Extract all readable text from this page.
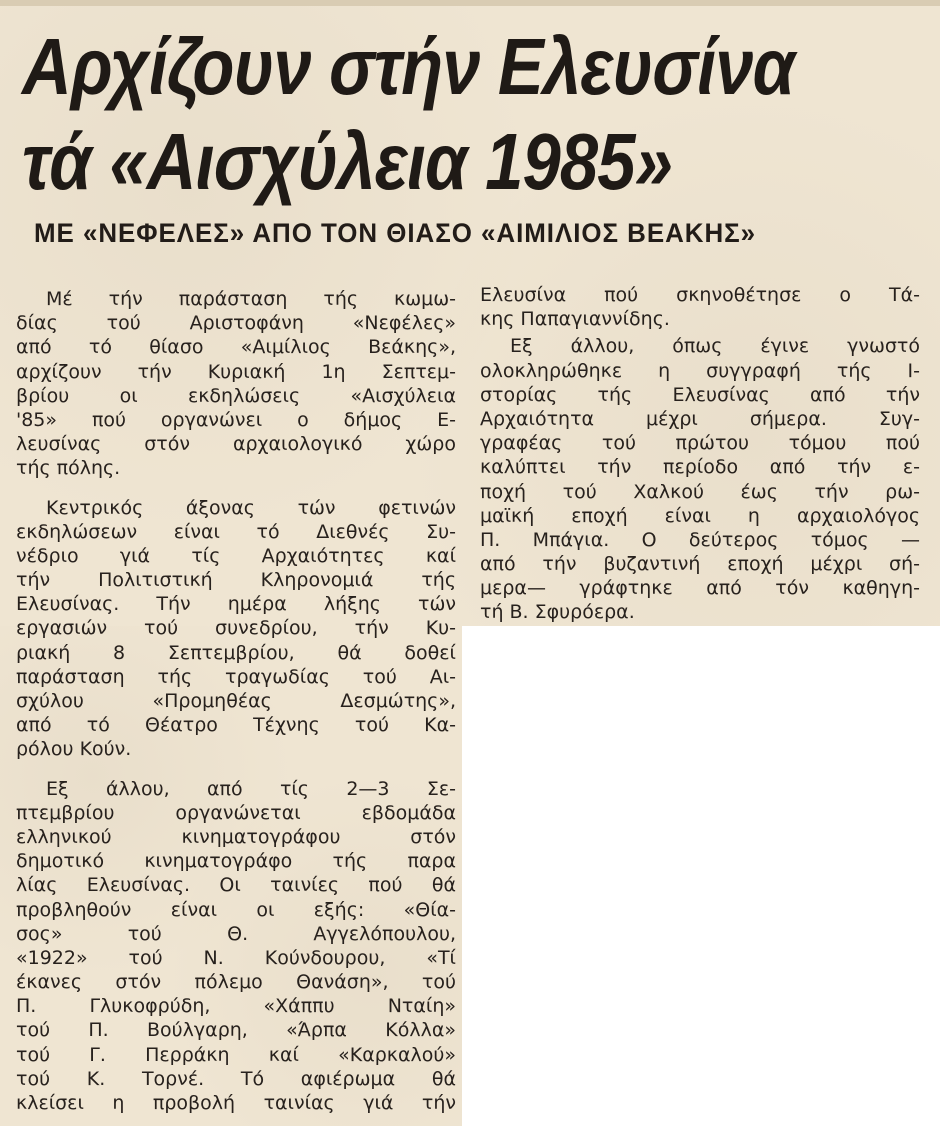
Αρχίζουν στήν Ελευσίνα
τά «Αισχύλεια 1985»
ΜΕ «ΝΕΦΕΛΕΣ» ΑΠΟ ΤΟΝ ΘΙΑΣΟ «ΑΙΜΙΛΙΟΣ ΒΕΑΚΗΣ»
Μέ τήν παράσταση τής κωμω-
δίας τού Αριστοφάνη «Νεφέλες»
από τό θίασο «Αιμίλιος Βεάκης»,
αρχίζουν τήν Κυριακή 1η Σεπτεμ-
βρίου οι εκδηλώσεις «Αισχύλεια
'85» πού οργανώνει ο δήμος Ε-
λευσίνας στόν αρχαιολογικό χώρο
τής πόλης.
Κεντρικός άξονας τών φετινών
εκδηλώσεων είναι τό Διεθνές Συ-
νέδριο γιά τίς Αρχαιότητες καί
τήν Πολιτιστική Κληρονομιά τής
Ελευσίνας. Τήν ημέρα λήξης τών
εργασιών τού συνεδρίου, τήν Κυ-
ριακή 8 Σεπτεμβρίου, θά δοθεί
παράσταση τής τραγωδίας τού Αι-
σχύλου «Προμηθέας Δεσμώτης»,
από τό Θέατρο Τέχνης τού Κα-
ρόλου Κούν.
Εξ άλλου, από τίς 2—3 Σε-
πτεμβρίου οργανώνεται εβδομάδα
ελληνικού κινηματογράφου στόν
δημοτικό κινηματογράφο τής παρα
λίας Ελευσίνας. Οι ταινίες πού θά
προβληθούν είναι οι εξής: «Θία-
σος» τού Θ. Αγγελόπουλου,
«1922» τού Ν. Κούνδουρου, «Τί
έκανες στόν πόλεμο Θανάση», τού
Π. Γλυκοφρύδη, «Χάππυ Νταίη»
τού Π. Βούλγαρη, «Άρπα Κόλλα»
τού Γ. Περράκη καί «Καρκαλού»
τού Κ. Τορνέ. Τό αφιέρωμα θά
κλείσει η προβολή ταινίας γιά τήν
Ελευσίνα πού σκηνοθέτησε ο Τά-
κης Παπαγιαννίδης.
Εξ άλλου, όπως έγινε γνωστό
ολοκληρώθηκε η συγγραφή τής Ι-
στορίας τής Ελευσίνας από τήν
Αρχαιότητα μέχρι σήμερα. Συγ-
γραφέας τού πρώτου τόμου πού
καλύπτει τήν περίοδο από τήν ε-
ποχή τού Χαλκού έως τήν ρω-
μαϊκή εποχή είναι η αρχαιολόγος
Π. Μπάγια. Ο δεύτερος τόμος —
από τήν βυζαντινή εποχή μέχρι σή-
μερα— γράφτηκε από τόν καθηγη-
τή Β. Σφυρόερα.
